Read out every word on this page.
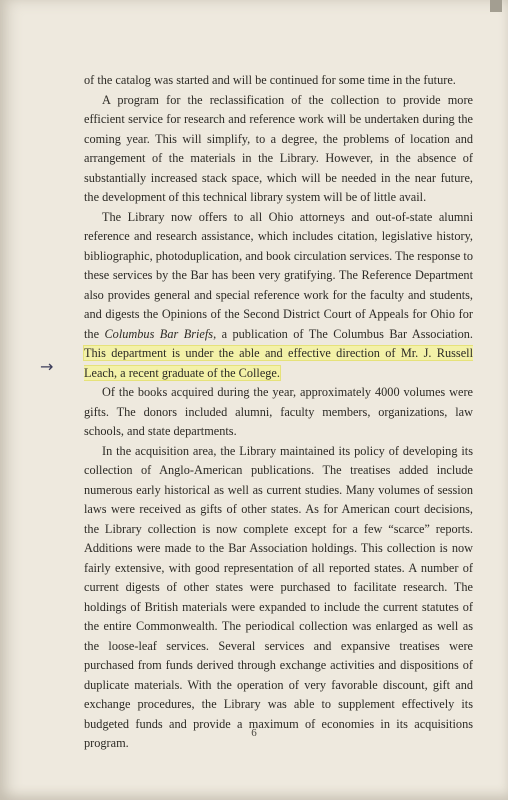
→

of the catalog was started and will be continued for some time in the future.

A program for the reclassification of the collection to provide more efficient service for research and reference work will be undertaken during the coming year. This will simplify, to a degree, the problems of location and arrangement of the materials in the Library. However, in the absence of substantially increased stack space, which will be needed in the near future, the development of this technical library system will be of little avail.

The Library now offers to all Ohio attorneys and out-of-state alumni reference and research assistance, which includes citation, legislative history, bibliographic, photoduplication, and book circulation services. The response to these services by the Bar has been very gratifying. The Reference Department also provides general and special reference work for the faculty and students, and digests the Opinions of the Second District Court of Appeals for Ohio for the Columbus Bar Briefs, a publication of The Columbus Bar Association. This department is under the able and effective direction of Mr. J. Russell Leach, a recent graduate of the College.

Of the books acquired during the year, approximately 4000 volumes were gifts. The donors included alumni, faculty members, organizations, law schools, and state departments.

In the acquisition area, the Library maintained its policy of developing its collection of Anglo-American publications. The treatises added include numerous early historical as well as current studies. Many volumes of session laws were received as gifts of other states. As for American court decisions, the Library collection is now complete except for a few “scarce” reports. Additions were made to the Bar Association holdings. This collection is now fairly extensive, with good representation of all reported states. A number of current digests of other states were purchased to facilitate research. The holdings of British materials were expanded to include the current statutes of the entire Commonwealth. The periodical collection was enlarged as well as the loose-leaf services. Several services and expansive treatises were purchased from funds derived through exchange activities and dispositions of duplicate materials. With the operation of very favorable discount, gift and exchange procedures, the Library was able to supplement effectively its budgeted funds and provide a maximum of economies in its acquisitions program.

6
